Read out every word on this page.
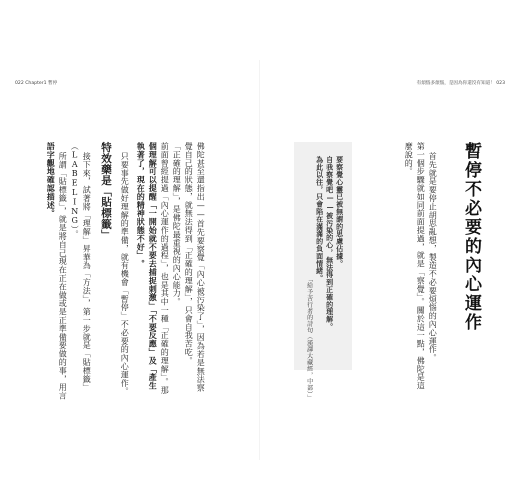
022 Chapter1 暫停
佛陀甚至還指出——首先要察覺「內心被污染了」，因為若是無法察
覺自己的狀態，就無法得到「正確的理解」，只會自我苦吃。
「正確的理解」，是佛陀最重視的內心能力。
前面曾經提過「內心運作的過程」，也是其中一種「正確的理解」。那
個理解可以提醒「一開始就不要去捕捉刺激」「不要反應」及「產生
執著了，現在的精神狀態不好」。
只要事先做好理解的準備，就有機會「暫停」不必要的內心運作。
特效藥是「貼標籤」
接下來，試著將「理解」昇華為「方法」，第一步就是「貼標籤」
（LABELING）。
所謂「貼標籤」，就是將自己現在正在做或是正準備要做的事，用言
語字觀地確認描述。
有煩惱多煩惱，是因為你還沒有知道！ 023
暫停不必要的內心運作
首先就是要停止胡思亂想，製造不必要煩惱的內心運作。
第一個步驟就如同前面提過，就是「察覺」。關於這一點，佛陀是這
麼說的。
要察覺心靈已被無謂的思慮佔據。
自我察覺吧——被污染的心，無法得到正確的理解。
為此以往，只會陷在滿滿的負面情緒。
「給予苦行者的詩句（漢譯大藏經，中部）」
